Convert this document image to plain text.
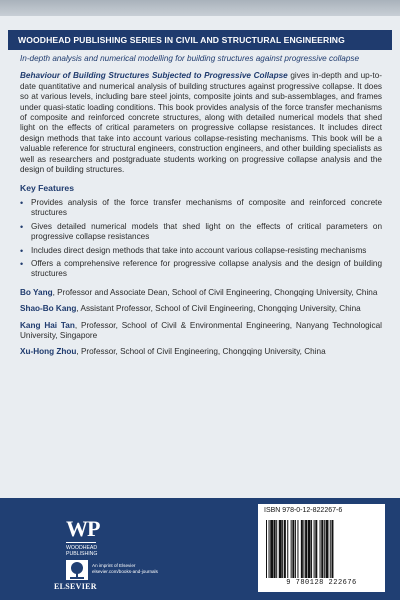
WOODHEAD PUBLISHING SERIES IN CIVIL AND STRUCTURAL ENGINEERING

In-depth analysis and numerical modelling for building structures against progressive collapse

Behaviour of Building Structures Subjected to Progressive Collapse gives in-depth and up-to-date quantitative and numerical analysis of building structures against progressive collapse. It does so at various levels, including bare steel joints, composite joints and sub-assemblages, and frames under quasi-static loading conditions. This book provides analysis of the force transfer mechanisms of composite and reinforced concrete structures, along with detailed numerical models that shed light on the effects of critical parameters on progressive collapse resistances. It includes direct design methods that take into account various collapse-resisting mechanisms. This book will be a valuable reference for structural engineers, construction engineers, and other building specialists as well as researchers and postgraduate students working on progressive collapse analysis and the design of building structures.

Key Features
• Provides analysis of the force transfer mechanisms of composite and reinforced concrete structures
• Gives detailed numerical models that shed light on the effects of critical parameters on progressive collapse resistances
• Includes direct design methods that take into account various collapse-resisting mechanisms
• Offers a comprehensive reference for progressive collapse analysis and the design of building structures

Bo Yang, Professor and Associate Dean, School of Civil Engineering, Chongqing University, China

Shao-Bo Kang, Assistant Professor, School of Civil Engineering, Chongqing University, China

Kang Hai Tan, Professor, School of Civil & Environmental Engineering, Nanyang Technological University, Singapore

Xu-Hong Zhou, Professor, School of Civil Engineering, Chongqing University, China

WP
WOODHEAD
PUBLISHING
An imprint of Elsevier
elsevier.com/books-and-journals
ELSEVIER
ISBN 978-0-12-822267-6
9 780128 222676
